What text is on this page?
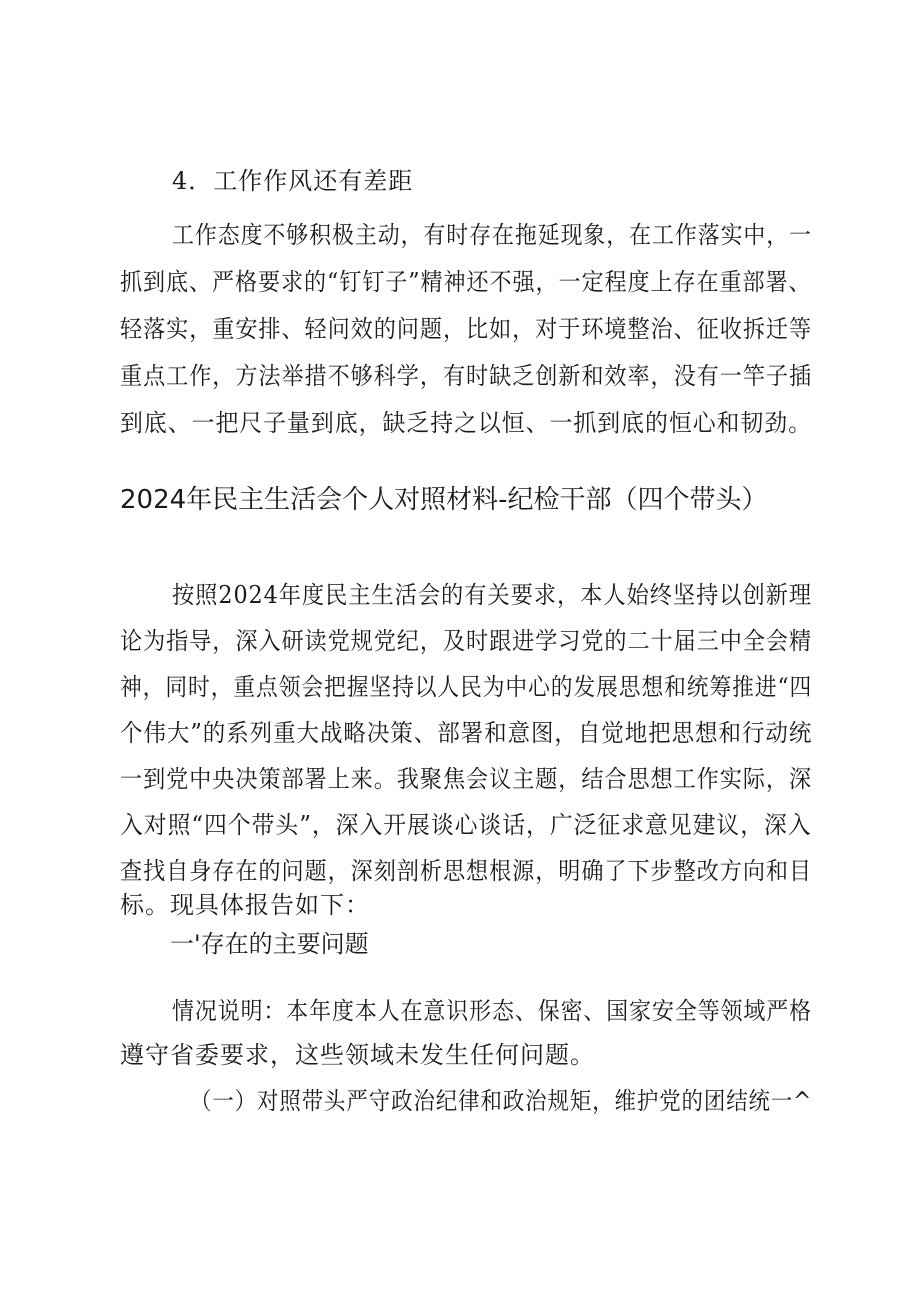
4．工作作风还有差距
工作态度不够积极主动，有时存在拖延现象，在工作落实中，一
抓到底、严格要求的“钉钉子”精神还不强，一定程度上存在重部署、
轻落实，重安排、轻问效的问题，比如，对于环境整治、征收拆迁等
重点工作，方法举措不够科学，有时缺乏创新和效率，没有一竿子插
到底、一把尺子量到底，缺乏持之以恒、一抓到底的恒心和韧劲。
2024年民主生活会个人对照材料-纪检干部（四个带头）
按照2024年度民主生活会的有关要求，本人始终坚持以创新理
论为指导，深入研读党规党纪，及时跟进学习党的二十届三中全会精
神，同时，重点领会把握坚持以人民为中心的发展思想和统筹推进“四
个伟大”的系列重大战略决策、部署和意图，自觉地把思想和行动统
一到党中央决策部署上来。我聚焦会议主题，结合思想工作实际，深
入对照“四个带头”，深入开展谈心谈话，广泛征求意见建议，深入
查找自身存在的问题，深刻剖析思想根源，明确了下步整改方向和目
标。现具体报告如下：
一'存在的主要问题
情况说明：本年度本人在意识形态、保密、国家安全等领域严格
遵守省委要求，这些领域未发生任何问题。
（一）对照带头严守政治纪律和政治规矩，维护党的团结统一^
